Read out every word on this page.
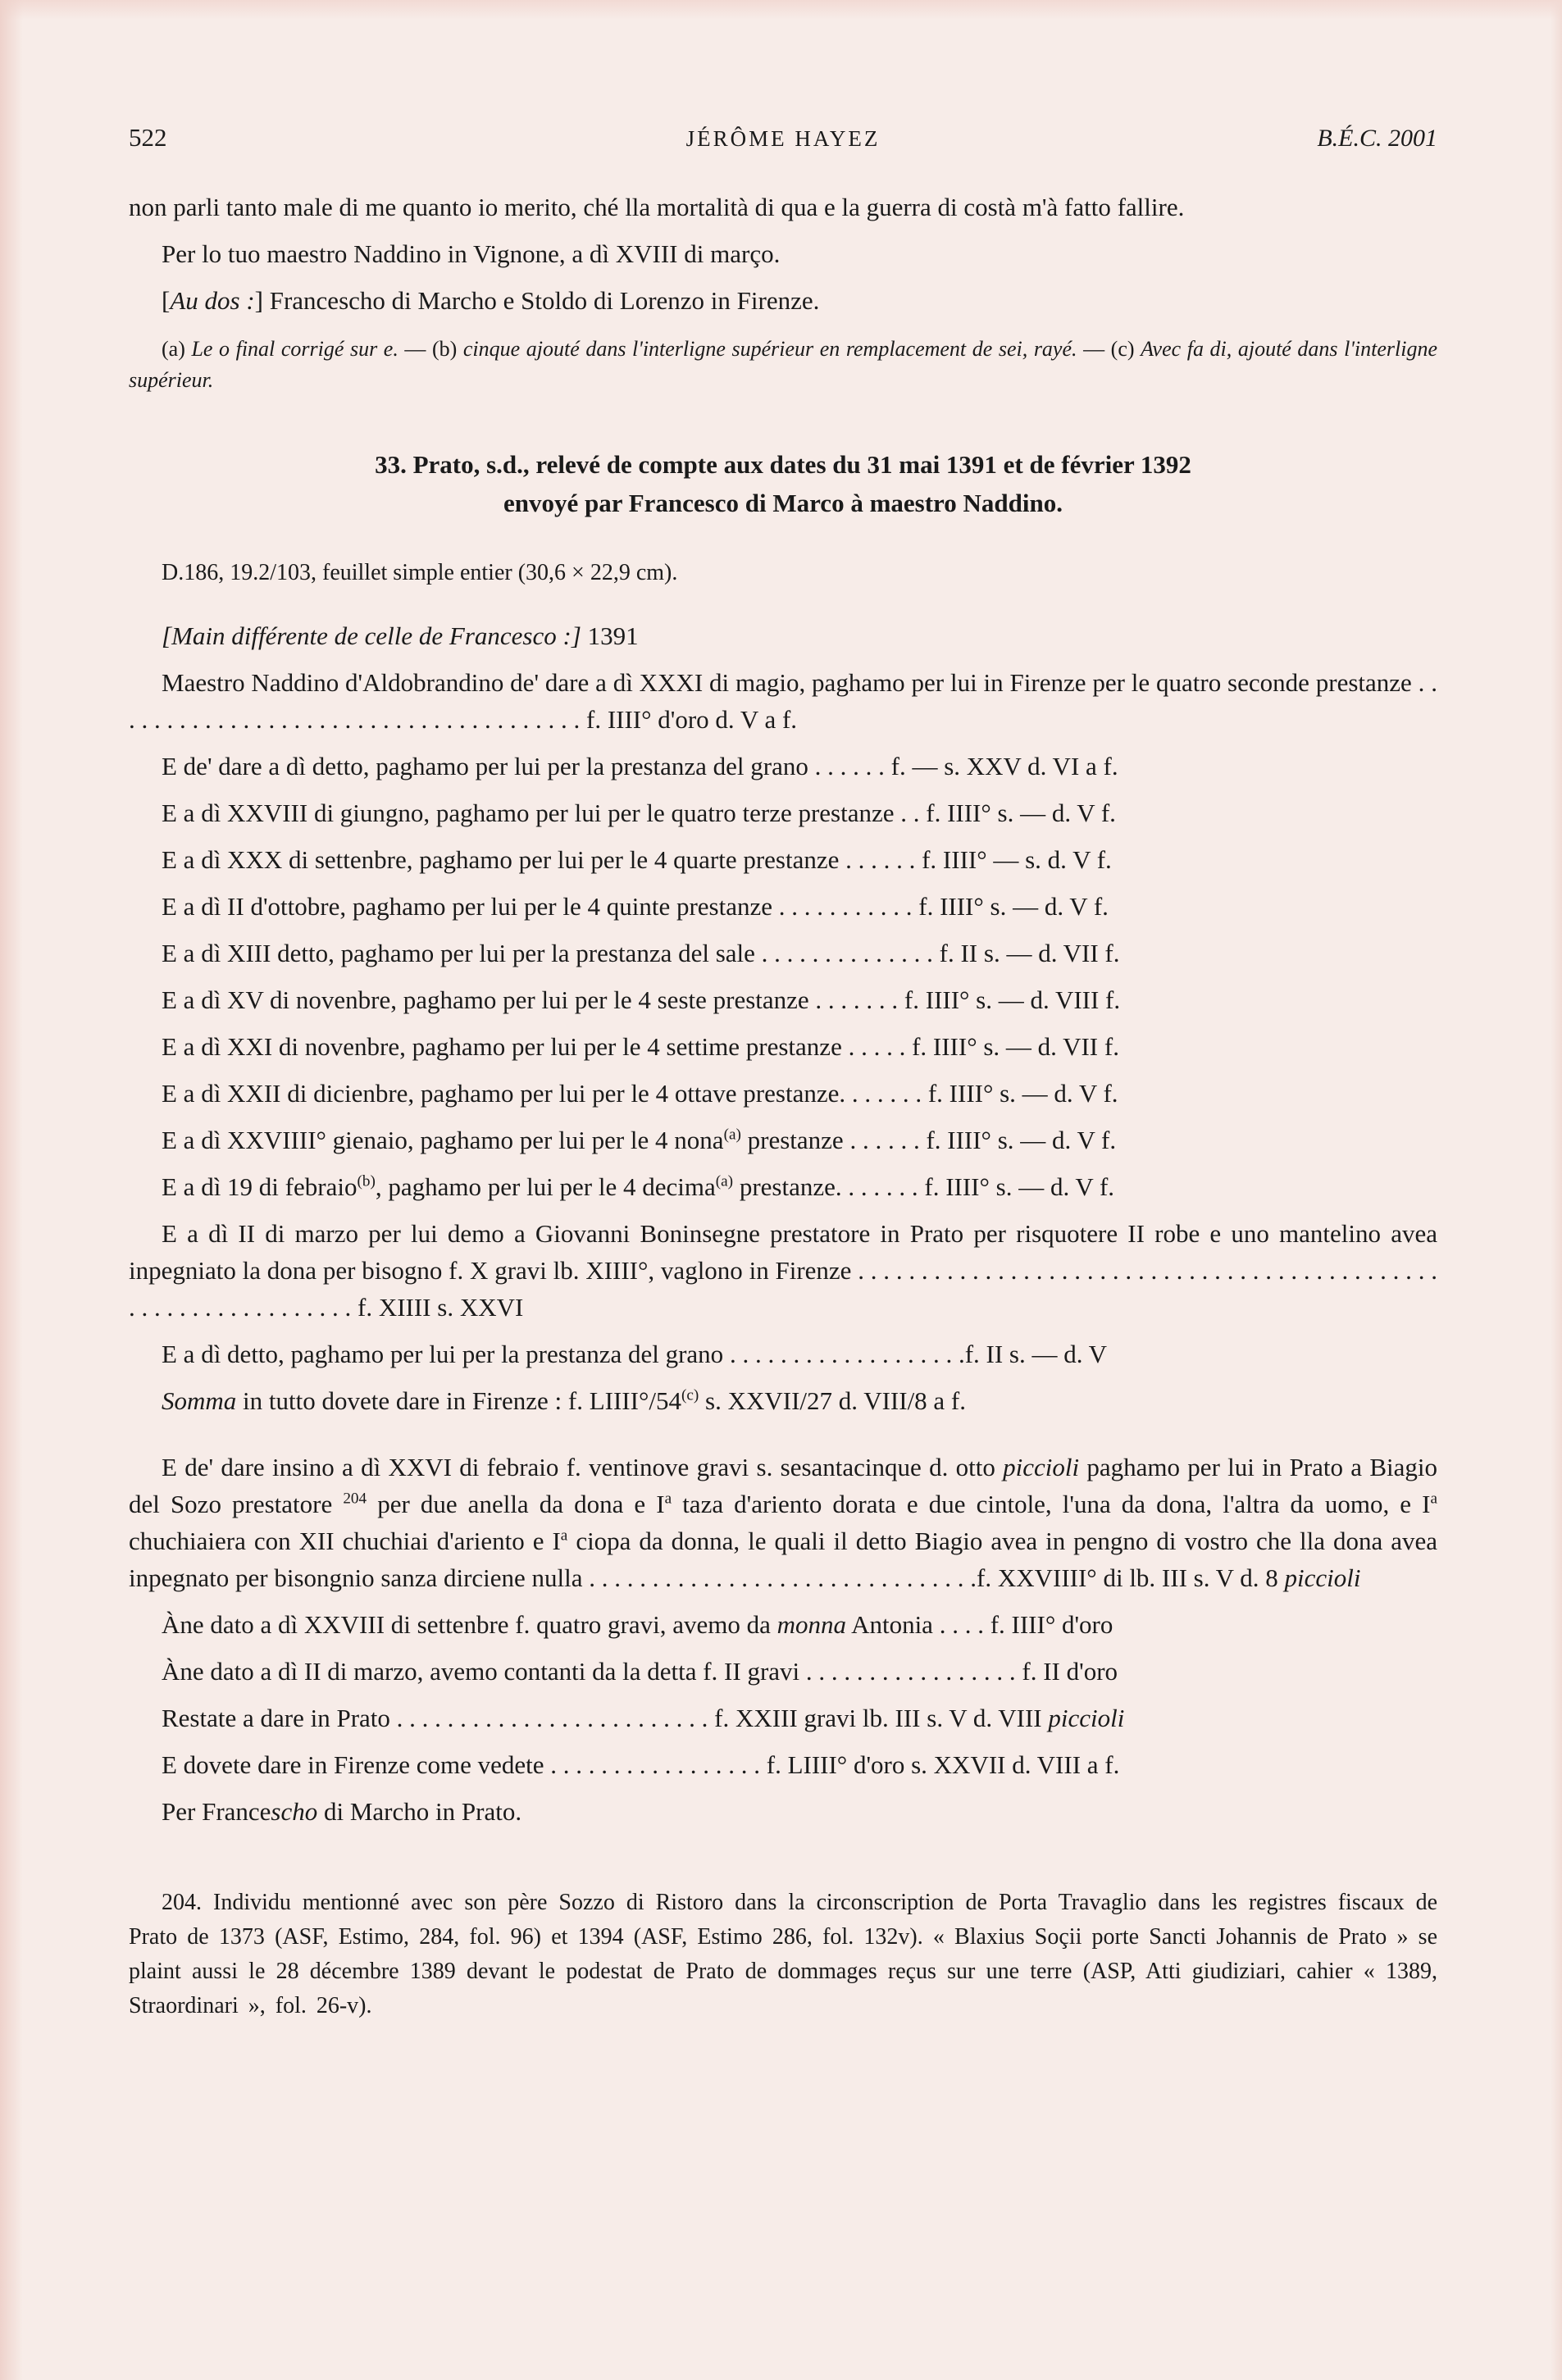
522	JÉRÔME HAYEZ	B.É.C. 2001

non parli tanto male di me quanto io merito, ché lla mortalità di qua e la guerra di costà m'à fatto fallire.

Per lo tuo maestro Naddino in Vignone, a dì XVIII di março.

[Au dos :] Francescho di Marcho e Stoldo di Lorenzo in Firenze.

(a) Le o final corrigé sur e. — (b) cinque ajouté dans l'interligne supérieur en remplacement de sei, rayé. — (c) Avec fa di, ajouté dans l'interligne supérieur.

33. Prato, s.d., relevé de compte aux dates du 31 mai 1391 et de février 1392
envoyé par Francesco di Marco à maestro Naddino.

D.186, 19.2/103, feuillet simple entier (30,6 × 22,9 cm).

[Main différente de celle de Francesco :] 1391

Maestro Naddino d'Aldobrandino de' dare a dì XXXI di magio, paghamo per lui in Firenze per le quatro seconde prestanze . . . . . . . . . . . . . . . . . . . . . . . . . . . . . . . . . . . . . . f. IIII° d'oro d. V a f.

E de' dare a dì detto, paghamo per lui per la prestanza del grano . . . . . . f. — s. XXV d. VI a f.

E a dì XXVIII di giungno, paghamo per lui per le quatro terze prestanze . . f. IIII° s. — d. V f.

E a dì XXX di settenbre, paghamo per lui per le 4 quarte prestanze . . . . . . f. IIII° — s. d. V f.

E a dì II d'ottobre, paghamo per lui per le 4 quinte prestanze . . . . . . . . . . . f. IIII° s. — d. V f.

E a dì XIII detto, paghamo per lui per la prestanza del sale . . . . . . . . . . . . . . f. II s. — d. VII f.

E a dì XV di novenbre, paghamo per lui per le 4 seste prestanze . . . . . . . f. IIII° s. — d. VIII f.

E a dì XXI di novenbre, paghamo per lui per le 4 settime prestanze . . . . . f. IIII° s. — d. VII f.

E a dì XXII di dicienbre, paghamo per lui per le 4 ottave prestanze. . . . . . . f. IIII° s. — d. V f.

E a dì XXVIIII° gienaio, paghamo per lui per le 4 nona$^{(a)}$ prestanze . . . . . . f. IIII° s. — d. V f.

E a dì 19 di febraio$^{(b)}$, paghamo per lui per le 4 decima$^{(a)}$ prestanze. . . . . . . f. IIII° s. — d. V f.

E a dì II di marzo per lui demo a Giovanni Boninsegne prestatore in Prato per risquotere II robe e uno mantelino avea inpegniato la dona per bisogno f. X gravi lb. XIIII°, vaglono in Firenze . . . . . . . . . . . . . . . . . . . . . . . . . . . . . . . . . . . . . . . . . . . . . . . . . . . . . . . . . . . . . . . . f. XIIII s. XXVI

E a dì detto, paghamo per lui per la prestanza del grano . . . . . . . . . . . . . . . . . . .f. II s. — d. V

Somma in tutto dovete dare in Firenze : f. LIIII°/54$^{(c)}$ s. XXVII/27 d. VIII/8 a f.

E de' dare insino a dì XXVI di febraio f. ventinove gravi s. sesantacinque d. otto piccioli paghamo per lui in Prato a Biagio del Sozo prestatore $^{204}$ per due anella da dona e $I^a$ taza d'ariento dorata e due cintole, l'una da dona, l'altra da uomo, e $I^a$ chuchiaiera con XII chuchiai d'ariento e $I^a$ ciopa da donna, le quali il detto Biagio avea in pengno di vostro che lla dona avea inpegnato per bisongnio sanza dirciene nulla . . . . . . . . . . . . . . . . . . . . . . . . . . . . . . .f. XXVIIII° di lb. III s. V d. 8 piccioli

Àne dato a dì XXVIII di settenbre f. quatro gravi, avemo da monna Antonia . . . . f. IIII° d'oro

Àne dato a dì II di marzo, avemo contanti da la detta f. II gravi . . . . . . . . . . . . . . . . . f. II d'oro

Restate a dare in Prato . . . . . . . . . . . . . . . . . . . . . . . . . f. XXIII gravi lb. III s. V d. VIII piccioli

E dovete dare in Firenze come vedete . . . . . . . . . . . . . . . . . f. LIIII° d'oro s. XXVII d. VIII a f.

Per Francescho di Marcho in Prato.

204. Individu mentionné avec son père Sozzo di Ristoro dans la circonscription de Porta Travaglio dans les registres fiscaux de Prato de 1373 (ASF, Estimo, 284, fol. 96) et 1394 (ASF, Estimo 286, fol. 132v). « Blaxius Soçii porte Sancti Johannis de Prato » se plaint aussi le 28 décembre 1389 devant le podestat de Prato de dommages reçus sur une terre (ASP, Atti giudiziari, cahier « 1389, Straordinari », fol. 26-v).
